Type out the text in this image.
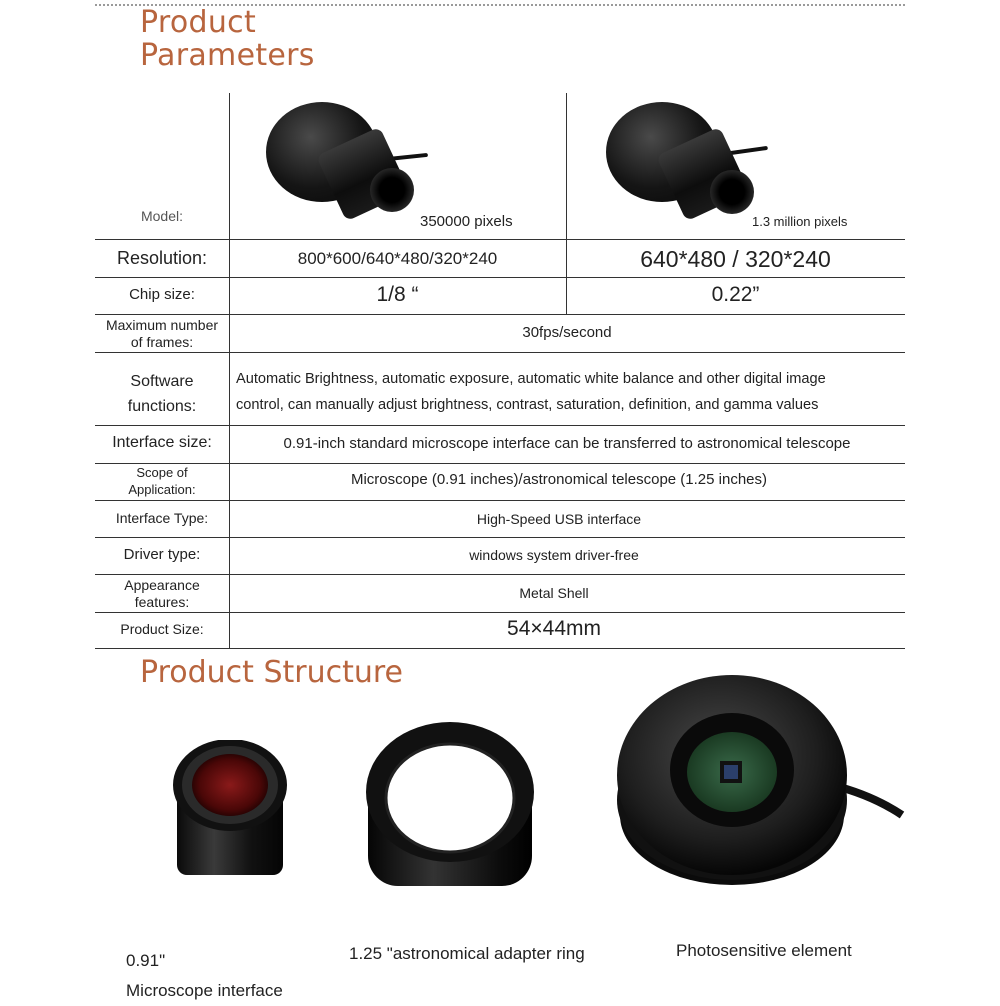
Product
Parameters
Model:	350000 pixels	1.3 million pixels
Resolution:	800*600/640*480/320*240	640*480 / 320*240
Chip size:	1/8 “	0.22”
Maximum number
of frames:
30fps/second
Software
functions:
Automatic Brightness, automatic exposure, automatic white balance and other digital image
control, can manually adjust brightness, contrast, saturation, definition, and gamma values
Interface size:	0.91-inch standard microscope interface can be transferred to astronomical telescope
Scope of
Application:
Microscope (0.91 inches)/astronomical telescope (1.25 inches)
Interface Type:	High-Speed USB interface
Driver type:	windows system driver-free
Appearance
features:
Metal Shell
Product Size:	54×44mm
Product Structure
0.91"
Microscope interface
1.25 "astronomical adapter ring	Photosensitive element
